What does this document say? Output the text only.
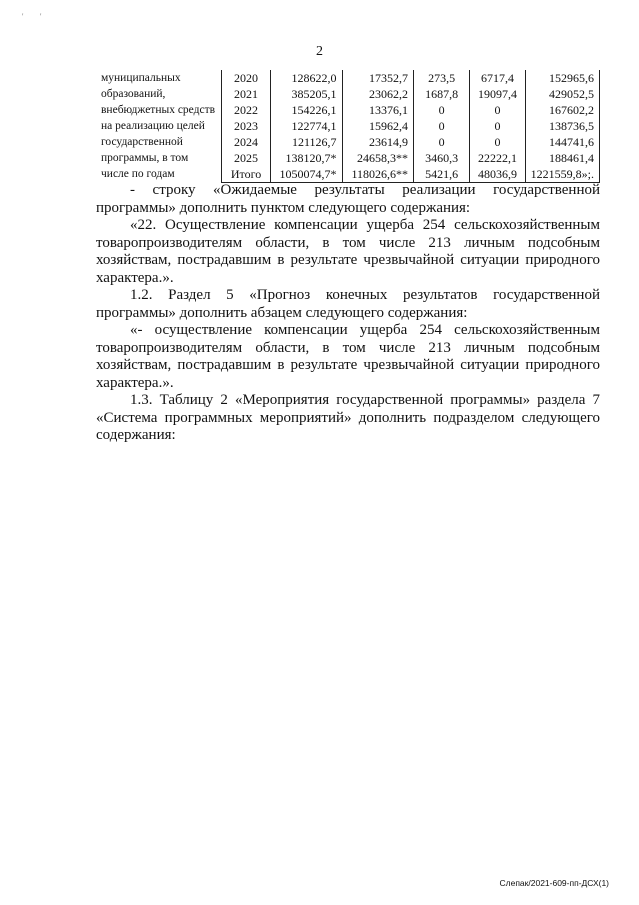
' '
2
муниципальных образований, внебюджетных средств на реализацию целей государственной программы, в том числе по годам	2020	128622,0	17352,7	273,5	6717,4	152965,6
	2021	385205,1	23062,2	1687,8	19097,4	429052,5
	2022	154226,1	13376,1	0	0	167602,2
	2023	122774,1	15962,4	0	0	138736,5
	2024	121126,7	23614,9	0	0	144741,6
	2025	138120,7*	24658,3**	3460,3	22222,1	188461,4
	Итого	1050074,7*	118026,6**	5421,6	48036,9	1221559,8»;.

- строку «Ожидаемые результаты реализации государственной программы» дополнить пунктом следующего содержания:

«22. Осуществление компенсации ущерба 254 сельскохозяйственным товаропроизводителям области, в том числе 213 личным подсобным хозяйствам, пострадавшим в результате чрезвычайной ситуации природного характера.».

1.2. Раздел 5 «Прогноз конечных результатов государственной программы» дополнить абзацем следующего содержания:

«- осуществление компенсации ущерба 254 сельскохозяйственным товаропроизводителям области, в том числе 213 личным подсобным хозяйствам, пострадавшим в результате чрезвычайной ситуации природного характера.».

1.3. Таблицу 2 «Мероприятия государственной программы» раздела 7 «Система программных мероприятий» дополнить подразделом следующего содержания:

Слепак/2021-609-пп-ДСХ(1)
